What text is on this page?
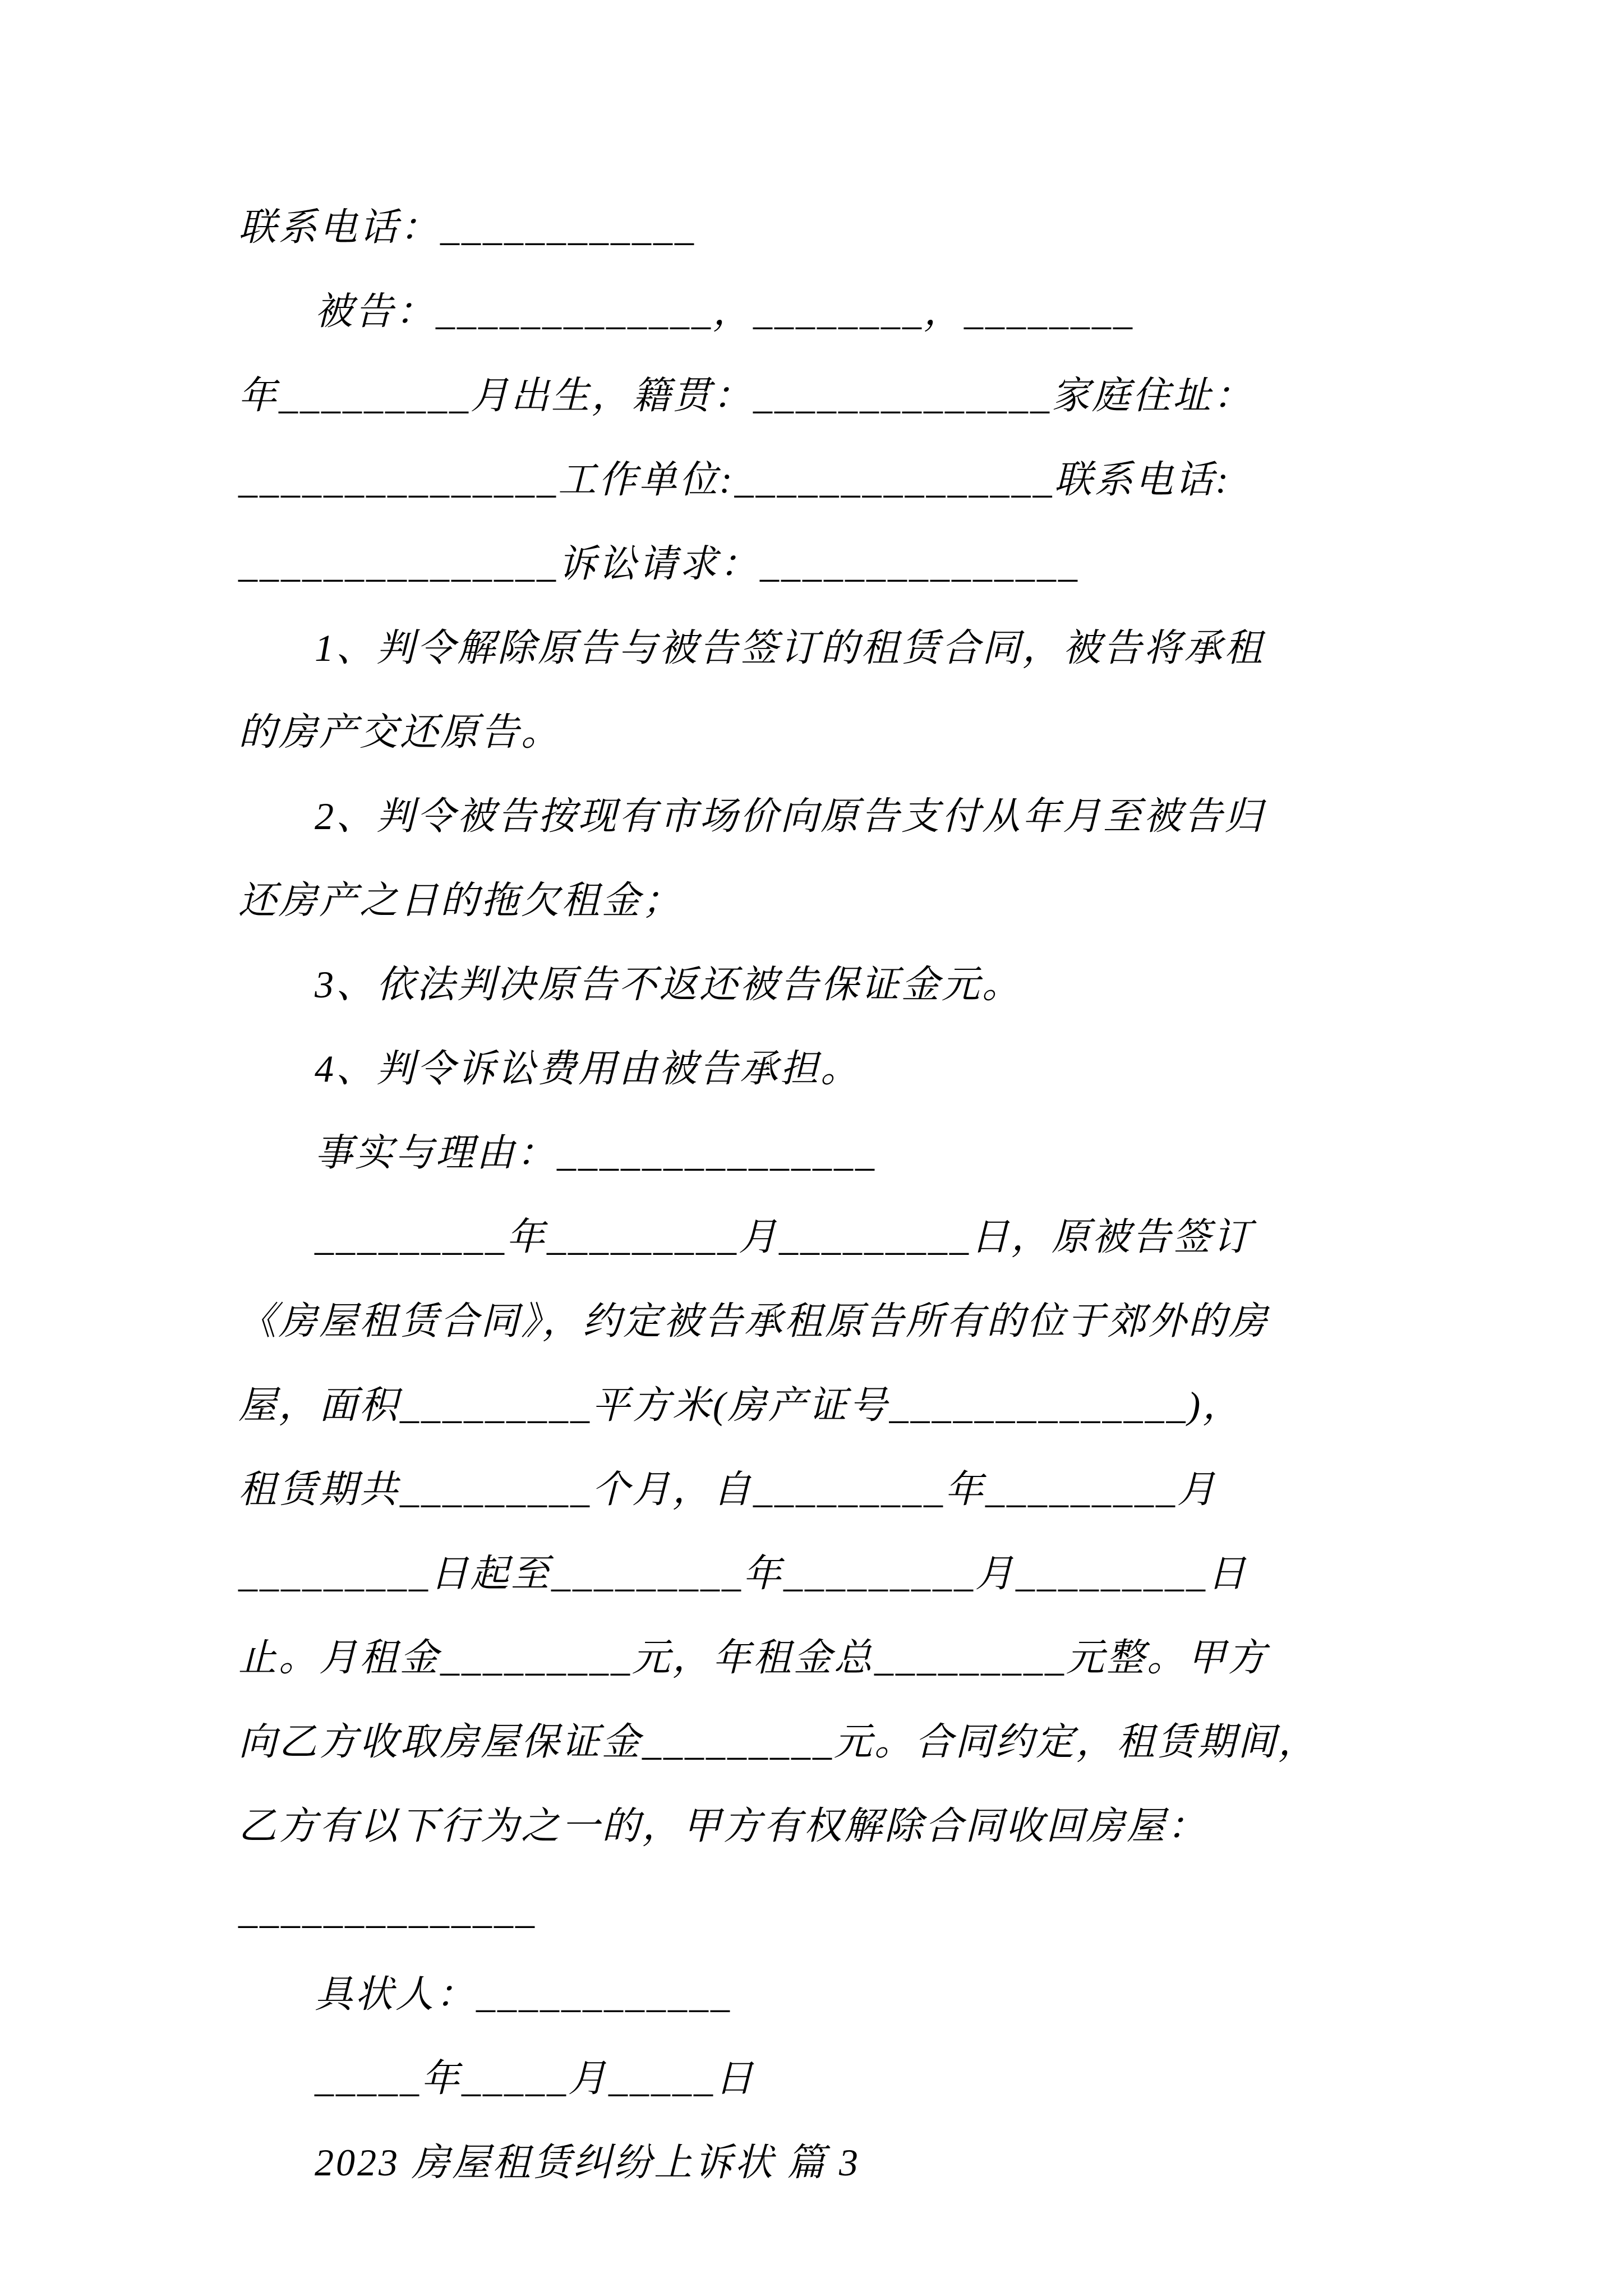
联系电话：____________
被告：_____________，________，________
年_________月出生，籍贯：______________家庭住址：
_______________工作单位:_______________联系电话:
_______________诉讼请求：_______________
1、判令解除原告与被告签订的租赁合同，被告将承租
的房产交还原告。
2、判令被告按现有市场价向原告支付从年月至被告归
还房产之日的拖欠租金；
3、依法判决原告不返还被告保证金元。
4、判令诉讼费用由被告承担。
事实与理由：_______________
_________年_________月_________日，原被告签订
《房屋租赁合同》，约定被告承租原告所有的位于郊外的房
屋，面积_________平方米(房产证号______________)，
租赁期共_________个月，自_________年_________月
_________日起至_________年_________月_________日
止。月租金_________元，年租金总_________元整。甲方
向乙方收取房屋保证金_________元。合同约定，租赁期间，
乙方有以下行为之一的，甲方有权解除合同收回房屋：
______________
具状人：____________
_____年_____月_____日
2023 房屋租赁纠纷上诉状 篇 3
